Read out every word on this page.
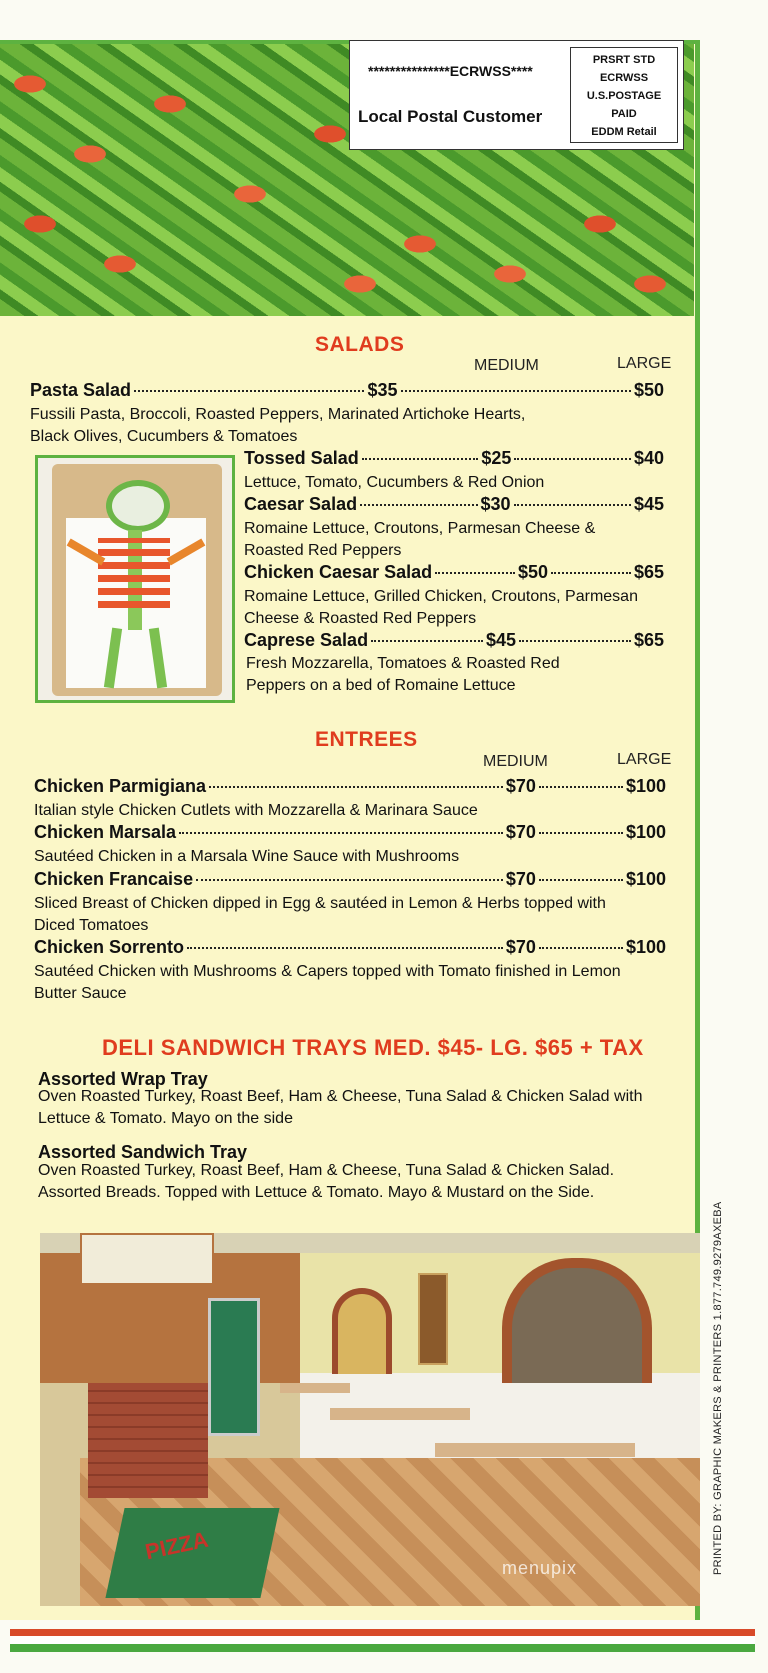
***************ECRWSS****
Local Postal Customer
PRSRT STD
ECRWSS
U.S.POSTAGE
PAID
EDDM Retail
SALADS
MEDIUM	LARGE
Pasta Salad	$35	$50
Fussili Pasta, Broccoli, Roasted Peppers, Marinated Artichoke Hearts,
Black Olives, Cucumbers & Tomatoes
Tossed Salad	$25	$40
Lettuce, Tomato, Cucumbers & Red Onion
Caesar Salad	$30	$45
Romaine Lettuce, Croutons, Parmesan Cheese &
Roasted Red Peppers
Chicken Caesar Salad	$50	$65
Romaine Lettuce, Grilled Chicken, Croutons, Parmesan
Cheese & Roasted Red Peppers
Caprese Salad	$45	$65
Fresh Mozzarella, Tomatoes & Roasted Red
Peppers on a bed of Romaine Lettuce
ENTREES
MEDIUM	LARGE
Chicken Parmigiana	$70	$100
Italian style Chicken Cutlets with Mozzarella & Marinara Sauce
Chicken Marsala	$70	$100
Sautéed Chicken in a Marsala Wine Sauce with Mushrooms
Chicken Francaise	$70	$100
Sliced Breast of Chicken dipped in Egg & sautéed in Lemon & Herbs topped with
Diced Tomatoes
Chicken Sorrento	$70	$100
Sautéed Chicken with Mushrooms & Capers topped with Tomato finished in Lemon
Butter Sauce
DELI SANDWICH TRAYS MED. $45- LG. $65 + TAX
Assorted Wrap Tray
Oven Roasted Turkey, Roast Beef, Ham & Cheese, Tuna Salad & Chicken Salad with
Lettuce & Tomato. Mayo on the side
Assorted Sandwich Tray
Oven Roasted Turkey, Roast Beef, Ham & Cheese, Tuna Salad & Chicken Salad.
Assorted Breads. Topped with Lettuce & Tomato. Mayo & Mustard on the Side.
PIZZA
menupix	PRINTED BY: GRAPHIC MAKERS & PRINTERS 1.877.749.9279AXEBA
